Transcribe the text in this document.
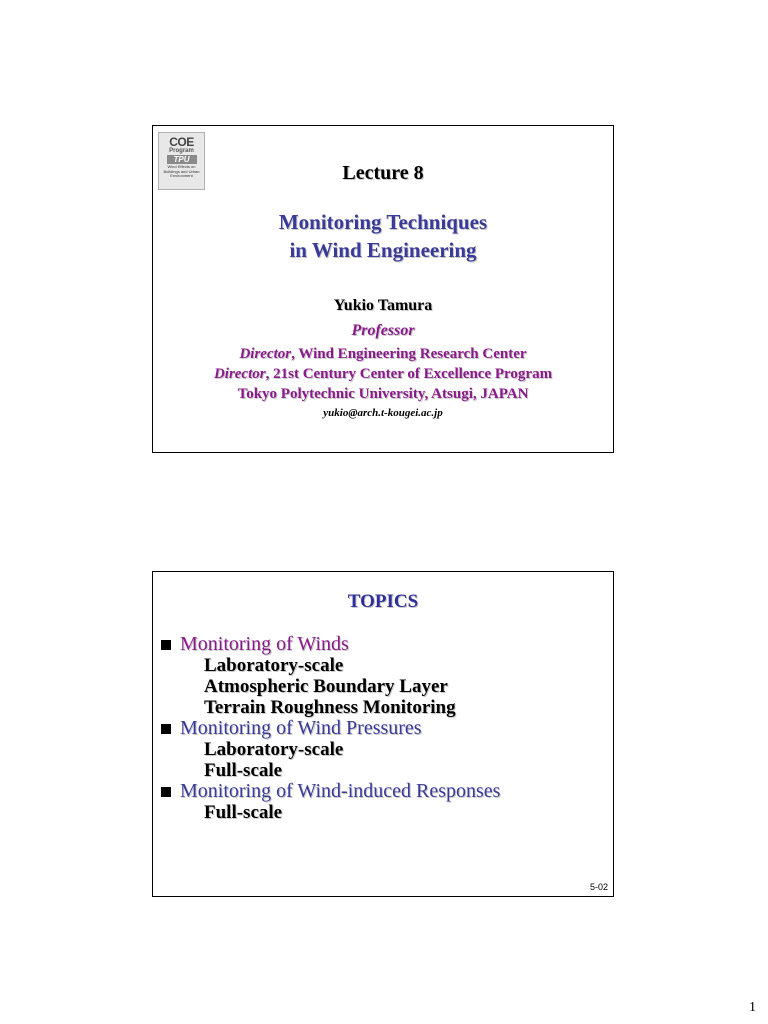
COE
Program
TPU
Wind Effects on Buildings and Urban Environment	Lecture 8
Monitoring Techniques
in Wind Engineering
Yukio Tamura
Professor
Director, Wind Engineering Research Center
Director, 21st Century Center of Excellence Program
Tokyo Polytechnic University, Atsugi, JAPAN
yukio@arch.t-kougei.ac.jp
TOPICS
Monitoring of Winds
Laboratory-scale
Atmospheric Boundary Layer
Terrain Roughness Monitoring
Monitoring of Wind Pressures
Laboratory-scale
Full-scale
Monitoring of Wind-induced Responses
Full-scale
5-02
1
